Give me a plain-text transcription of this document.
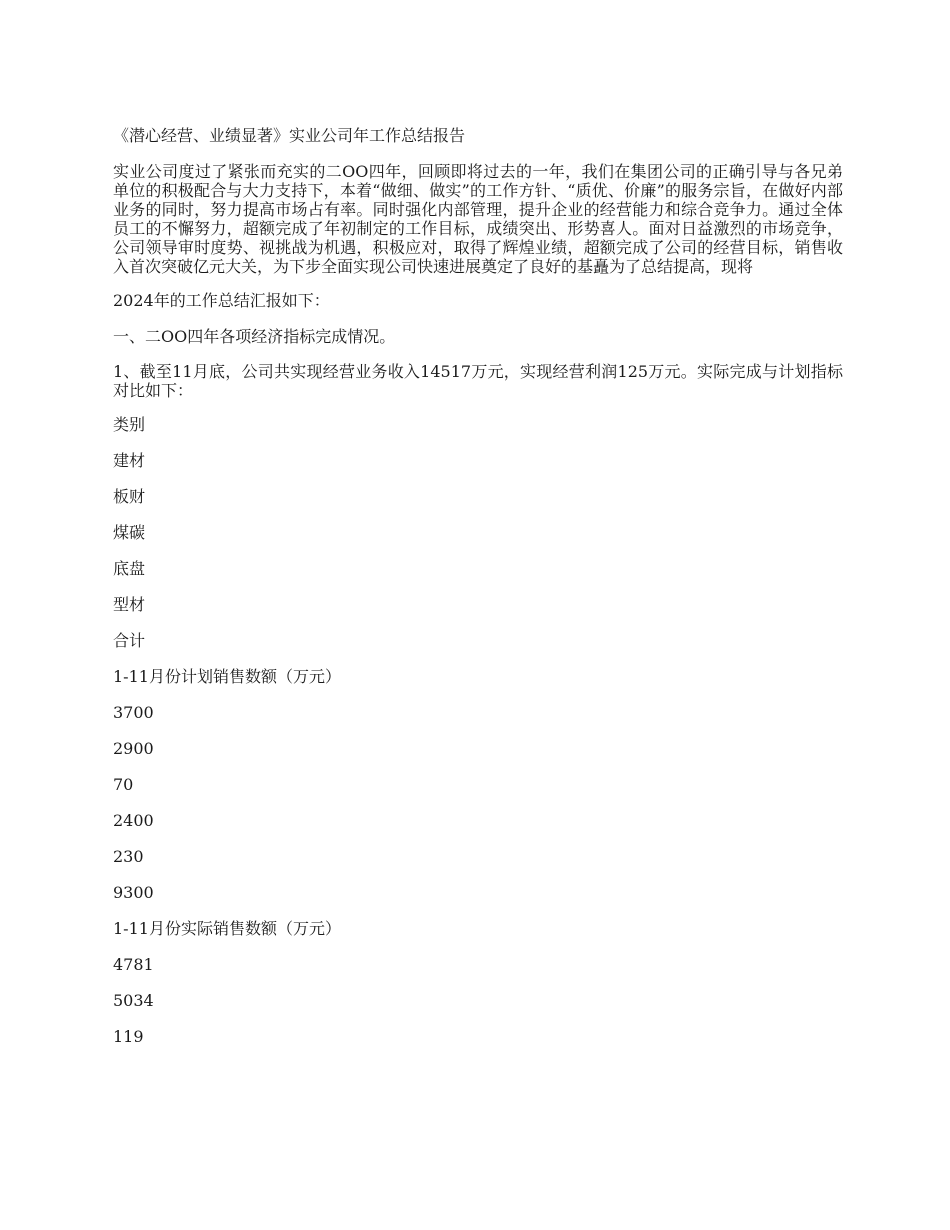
《潜心经营、业绩显著》实业公司年工作总结报告
实业公司度过了紧张而充实的二OO四年，回顾即将过去的一年，我们在集团公司的正确引导与各兄弟单位的积极配合与大力支持下，本着“做细、做实”的工作方针、“质优、价廉”的服务宗旨，在做好内部业务的同时，努力提高市场占有率。同时强化内部管理，提升企业的经营能力和综合竞争力。通过全体员工的不懈努力，超额完成了年初制定的工作目标，成绩突出、形势喜人。面对日益激烈的市场竞争，公司领导审时度势、视挑战为机遇，积极应对，取得了辉煌业绩，超额完成了公司的经营目标，销售收入首次突破亿元大关，为下步全面实现公司快速进展奠定了良好的基矗为了总结提高，现将
2024年的工作总结汇报如下：
一、二OO四年各项经济指标完成情况。
1、截至11月底，公司共实现经营业务收入14517万元，实现经营利润125万元。实际完成与计划指标对比如下：
类别
建材
板财
煤碳
底盘
型材
合计
1-11月份计划销售数额（万元）
3700
2900
70
2400
230
9300
1-11月份实际销售数额（万元）
4781
5034
119
